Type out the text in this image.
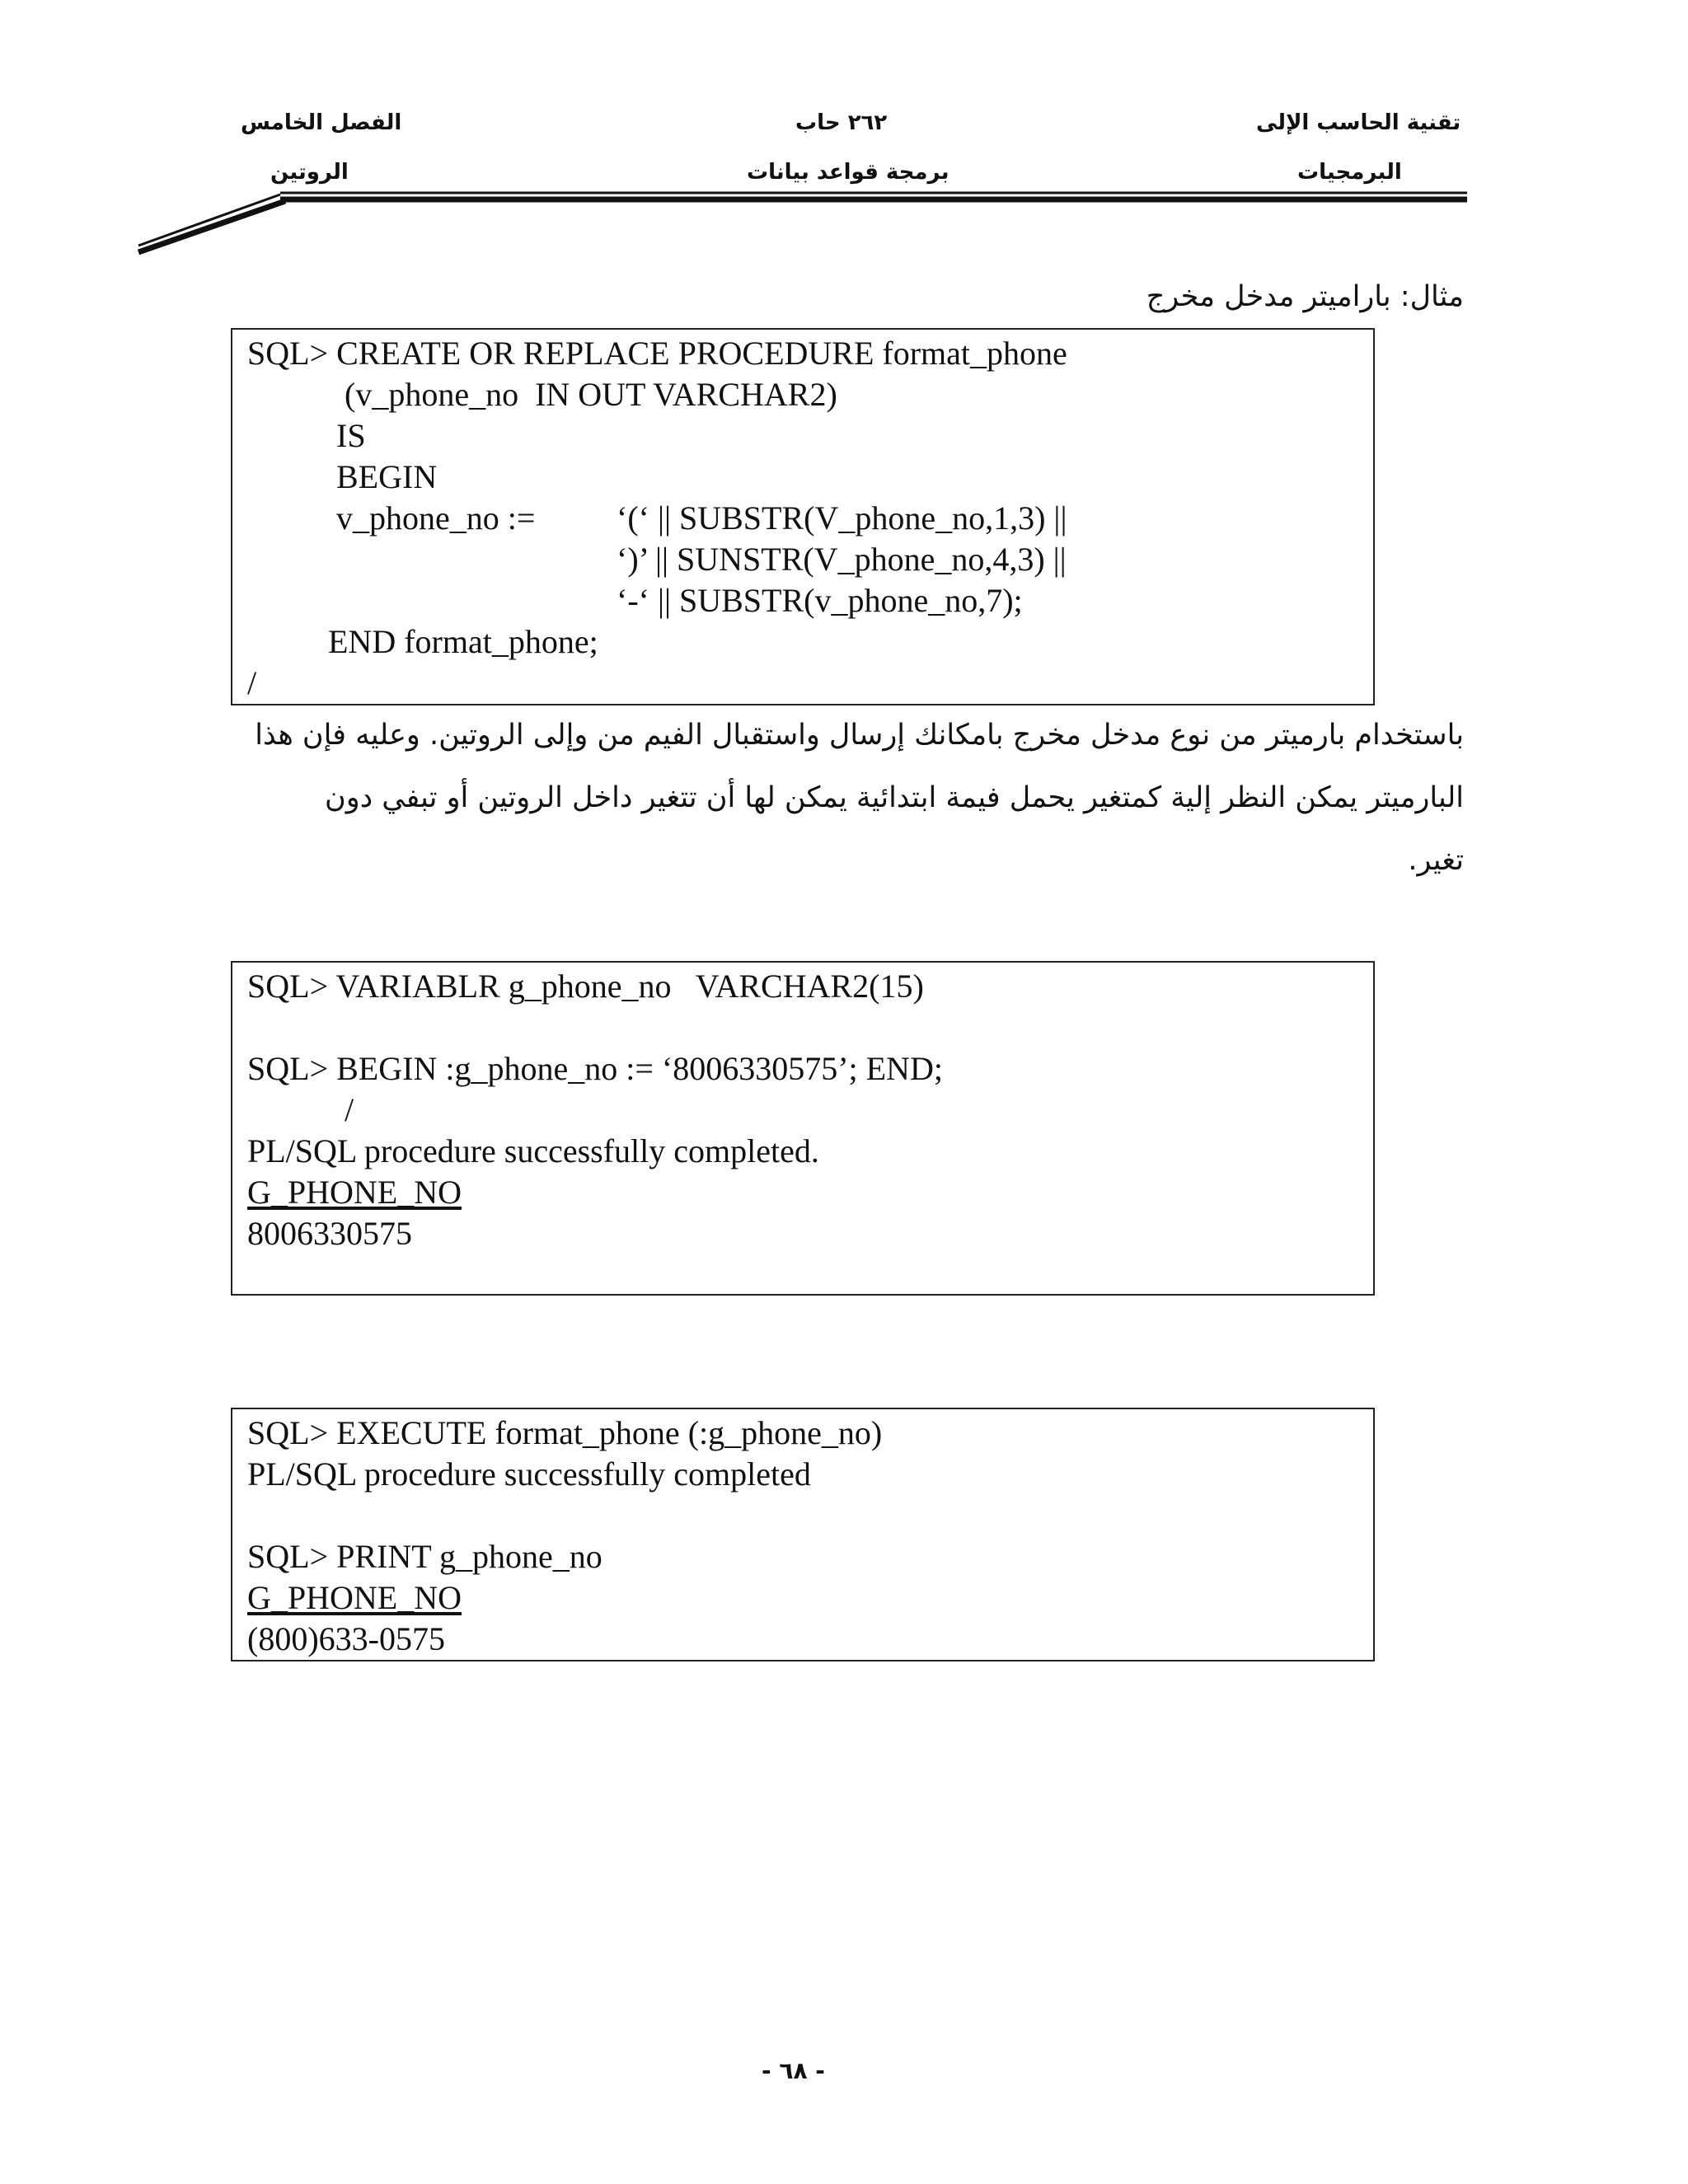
الفصل الخامس
الروتين
٢٦٢ حاب
برمجة قواعد بيانات
تقنية الحاسب الإلى
البرمجيات
مثال: بارامیتر مدخل مخرج
SQL> CREATE OR REPLACE PROCEDURE format_phone
(v_phone_no  IN OUT VARCHAR2)
IS
BEGIN
v_phone_no := ‘(‘ || SUBSTR(V_phone_no,1,3) ||
‘)’ || SUNSTR(V_phone_no,4,3) ||
‘-‘ || SUBSTR(v_phone_no,7);
END format_phone;
/
باستخدام بارميتر من نوع مدخل مخرج بامكانك إرسال واستقبال الفيم من وإلى الروتين. وعليه فإن هذا
البارميتر يمكن النظر إلية كمتغير يحمل فيمة ابتدائية يمكن لها أن تتغير داخل الروتين أو تبفي دون
تغير.
SQL> VARIABLR g_phone_no   VARCHAR2(15)
SQL> BEGIN :g_phone_no := ‘8006330575’; END;
/
PL/SQL procedure successfully completed.
G_PHONE_NO
8006330575
SQL> EXECUTE format_phone (:g_phone_no)
PL/SQL procedure successfully completed
SQL> PRINT g_phone_no
G_PHONE_NO
(800)633-0575
- ٦٨ -
